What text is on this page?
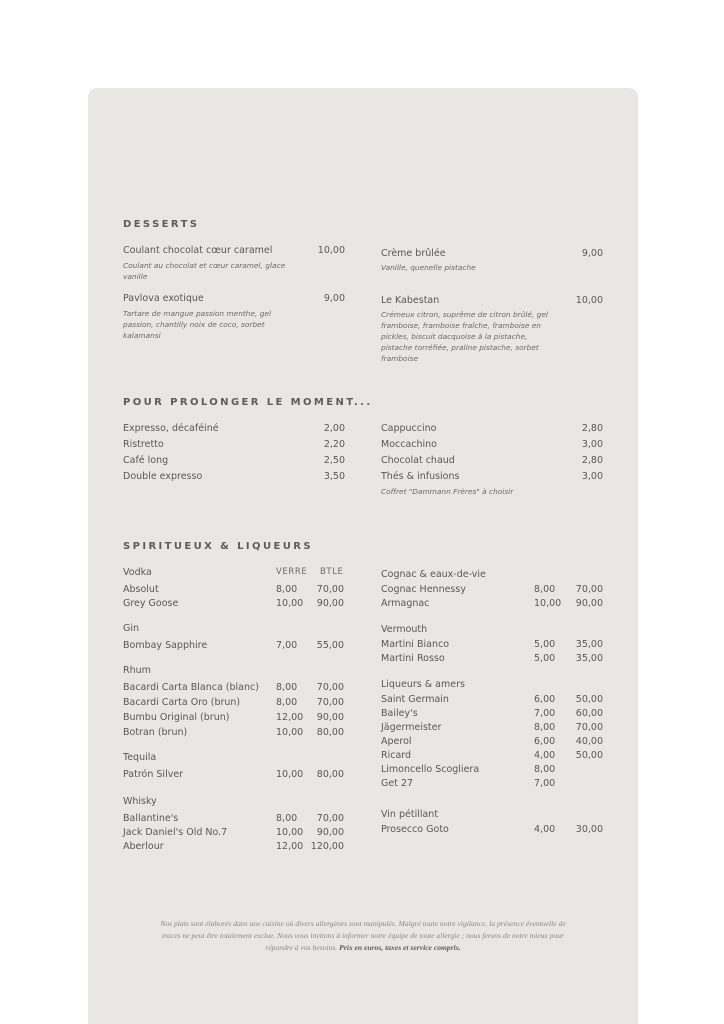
DESSERTS
Coulant chocolat cœur caramel	10,00
Coulant au chocolat et cœur caramel, glace vanille
Pavlova exotique	9,00
Tartare de mangue passion menthe, gel passion, chantilly noix de coco, sorbet kalamansi
Crème brûlée	9,00
Vanille, quenelle pistache
Le Kabestan	10,00
Crémeux citron, suprême de citron brûlé, gel framboise, framboise fraîche, framboise en pickles, biscuit dacquoise à la pistache, pistache torréfiée, praline pistache, sorbet framboise
POUR PROLONGER LE MOMENT...
Expresso, décaféiné	2,00
Ristretto	2,20
Café long	2,50
Double expresso	3,50
Cappuccino	2,80
Moccachino	3,00
Chocolat chaud	2,80
Thés & infusions	3,00
Coffret "Dammann Frères" à choisir
SPIRITUEUX & LIQUEURS
VERRE BTLE
Vodka
Absolut	8,00 70,00
Grey Goose	10,00 90,00
Gin
Bombay Sapphire	7,00 55,00
Rhum
Bacardi Carta Blanca (blanc) 8,00 70,00
Bacardi Carta Oro (brun)	8,00 70,00
Bumbu Original (brun)	12,00 90,00
Botran (brun)	10,00 80,00
Tequila
Patrón Silver	10,00 80,00
Whisky
Ballantine's	8,00 70,00
Jack Daniel's Old No.7	10,00 90,00
Aberlour	12,00 120,00
Cognac & eaux-de-vie
Cognac Hennessy	8,00 70,00
Armagnac	10,00 90,00
Vermouth
Martini Bianco	5,00 35,00
Martini Rosso	5,00 35,00
Liqueurs & amers
Saint Germain	6,00 50,00
Bailey's	7,00 60,00
Jägermeister	8,00 70,00
Aperol	6,00 40,00
Ricard	4,00 50,00
Limoncello Scogliera	8,00
Get 27	7,00
Vin pétillant
Prosecco Goto	4,00 30,00
Nos plats sont élaborés dans une cuisine où divers allergènes sont manipulés. Malgré toute notre vigilance, la présence éventuelle de
traces ne peut être totalement exclue. Nous vous invitons à informer notre équipe de toute allergie ; nous ferons de notre mieux pour
répondre à vos besoins. Prix en euros, taxes et service compris.
